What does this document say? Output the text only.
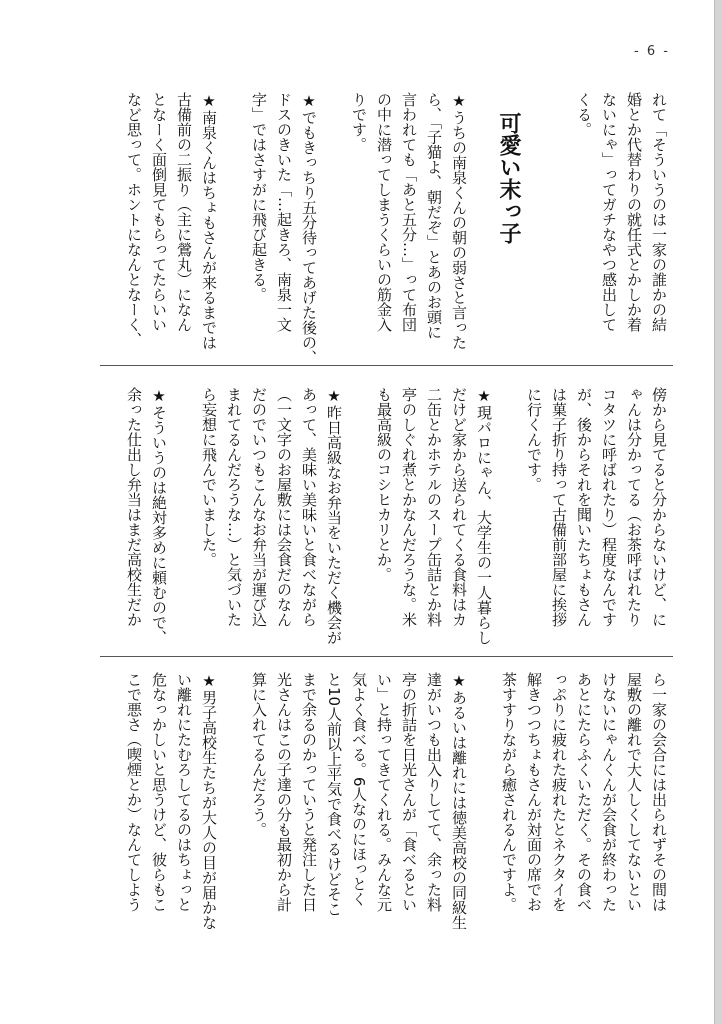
- 6 -
れて「そういうのは一家の誰かの結
婚とか代替わりの就任式とかしか着
ないにゃ」ってガチなやつ感出して
くる。
可愛い末っ子
★うちの南泉くんの朝の弱さと言った
ら、「子猫よ、朝だぞ」とあのお頭に
言われても「あと五分…」って布団
の中に潜ってしまうくらいの筋金入
りです。
★でもきっちり五分待ってあげた後の、
ドスのきいた「…起きろ、南泉一文
字」ではさすがに飛び起きる。
★南泉くんはちょもさんが来るまでは
古備前の二振り（主に鶯丸）になん
となーく面倒見てもらってたらいい
など思って。ホントになんとなーく、
傍から見てると分からないけど、に
ゃんは分かってる（お茶呼ばれたり
コタツに呼ばれたり）程度なんです
が、後からそれを聞いたちょもさん
は菓子折り持って古備前部屋に挨拶
に行くんです。
★現パロにゃん、大学生の一人暮らし
だけど家から送られてくる食料はカ
二缶とかホテルのスープ缶詰とか料
亭のしぐれ煮とかなんだろうな。米
も最高級のコシヒカリとか。
★昨日高級なお弁当をいただく機会が
あって、美味い美味いと食べながら
（一文字のお屋敷には会食だのなん
だのでいつもこんなお弁当が運び込
まれてるんだろうな…）と気づいた
ら妄想に飛んでいました。
★そういうのは絶対多めに頼むので、
余った仕出し弁当はまだ高校生だか
ら一家の会合には出られずその間は
屋敷の離れで大人しくしてないとい
けないにゃんくんが会食が終わった
あとにたらふくいただく。その食べ
っぷりに疲れた疲れたとネクタイを
解きつつちょもさんが対面の席でお
茶すすりながら癒されるんですよ。
★あるいは離れには徳美高校の同級生
達がいつも出入りしてて、余った料
亭の折詰を日光さんが「食べるとい
い」と持ってきてくれる。みんな元
気よく食べる。6人なのにほっとく
と10人前以上平気で食べるけどそこ
まで余るのかっていうと発注した日
光さんはこの子達の分も最初から計
算に入れてるんだろう。
★男子高校生たちが大人の目が届かな
い離れにたむろしてるのはちょっと
危なっかしいと思うけど、彼らもこ
こで悪さ（喫煙とか）なんてしよう
